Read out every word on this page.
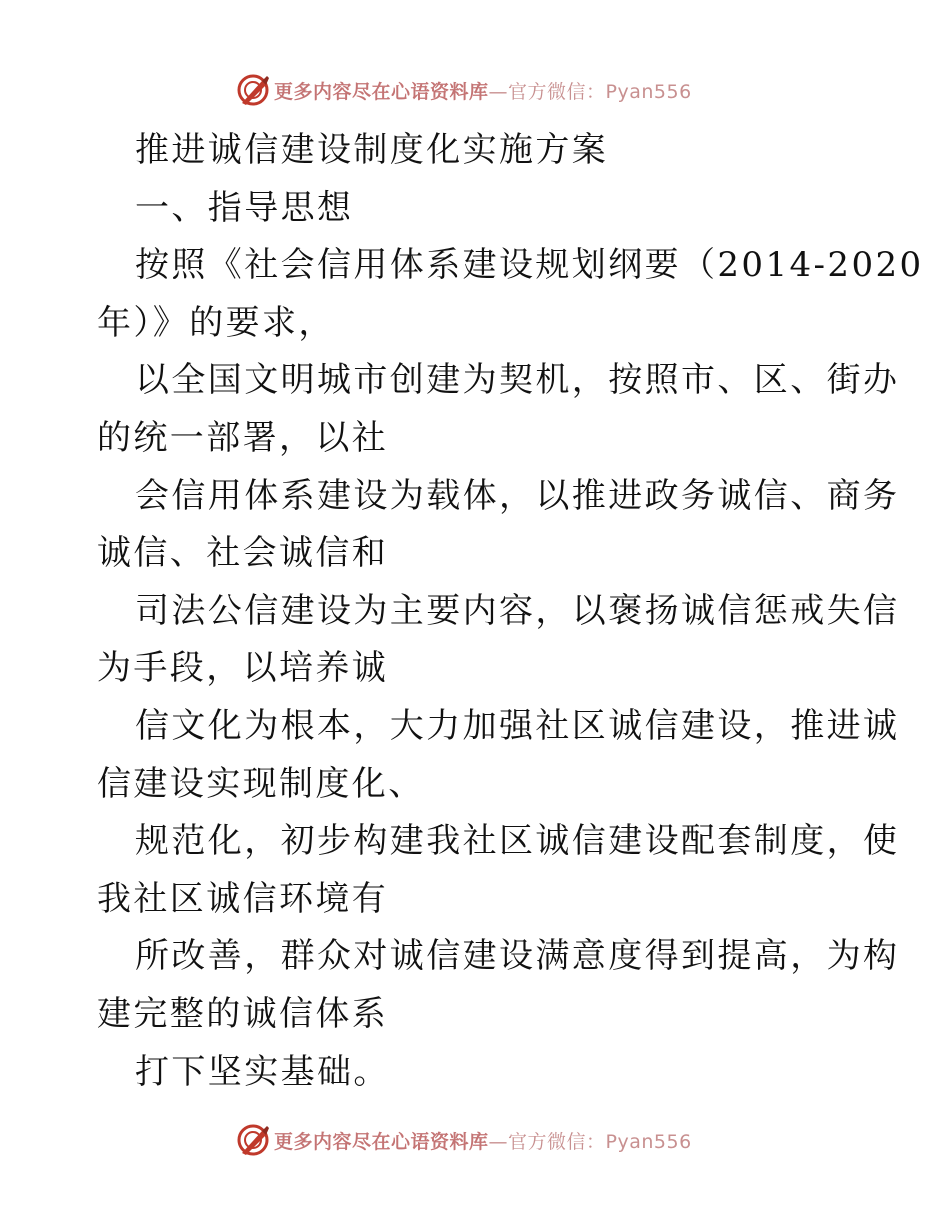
更多内容尽在心语资料库—官方微信：Pyan556
推进诚信建设制度化实施方案
一、指导思想
按照《社会信用体系建设规划纲要（2014-2020
年）》的要求，
以全国文明城市创建为契机，按照市、区、街办
的统一部署，以社
会信用体系建设为载体，以推进政务诚信、商务
诚信、社会诚信和
司法公信建设为主要内容，以褒扬诚信惩戒失信
为手段，以培养诚
信文化为根本，大力加强社区诚信建设，推进诚
信建设实现制度化、
规范化，初步构建我社区诚信建设配套制度，使
我社区诚信环境有
所改善，群众对诚信建设满意度得到提高，为构
建完整的诚信体系
打下坚实基础。
更多内容尽在心语资料库—官方微信：Pyan556
